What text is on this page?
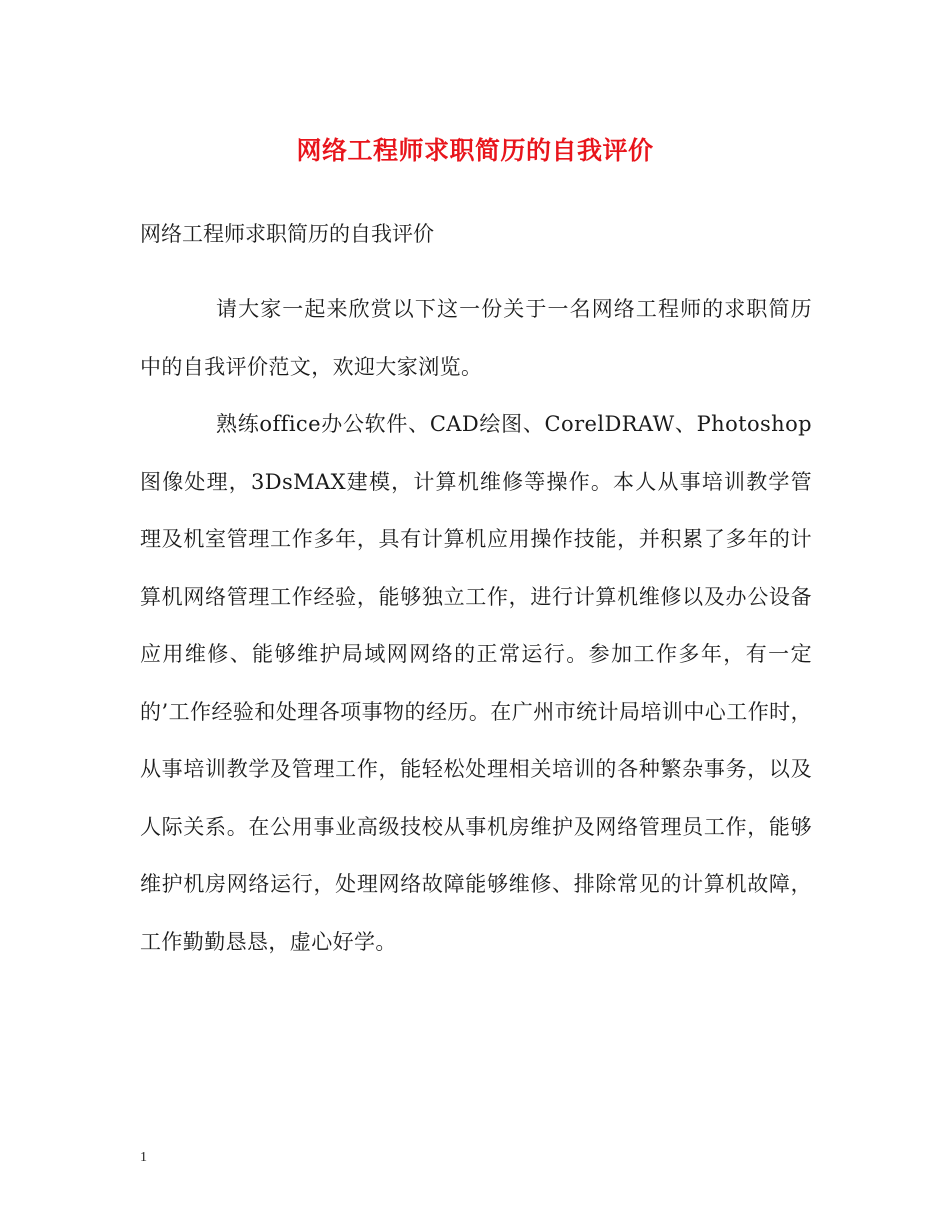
网络工程师求职简历的自我评价

网络工程师求职简历的自我评价

请大家一起来欣赏以下这一份关于一名网络工程师的求职简历中的自我评价范文，欢迎大家浏览。

熟练office办公软件、CAD绘图、CorelDRAW、Photoshop图像处理，3DsMAX建模，计算机维修等操作。本人从事培训教学管理及机室管理工作多年，具有计算机应用操作技能，并积累了多年的计算机网络管理工作经验，能够独立工作，进行计算机维修以及办公设备应用维修、能够维护局域网网络的正常运行。参加工作多年，有一定的’工作经验和处理各项事物的经历。在广州市统计局培训中心工作时，从事培训教学及管理工作，能轻松处理相关培训的各种繁杂事务，以及人际关系。在公用事业高级技校从事机房维护及网络管理员工作，能够维护机房网络运行，处理网络故障能够维修、排除常见的计算机故障，工作勤勤恳恳，虚心好学。

1
